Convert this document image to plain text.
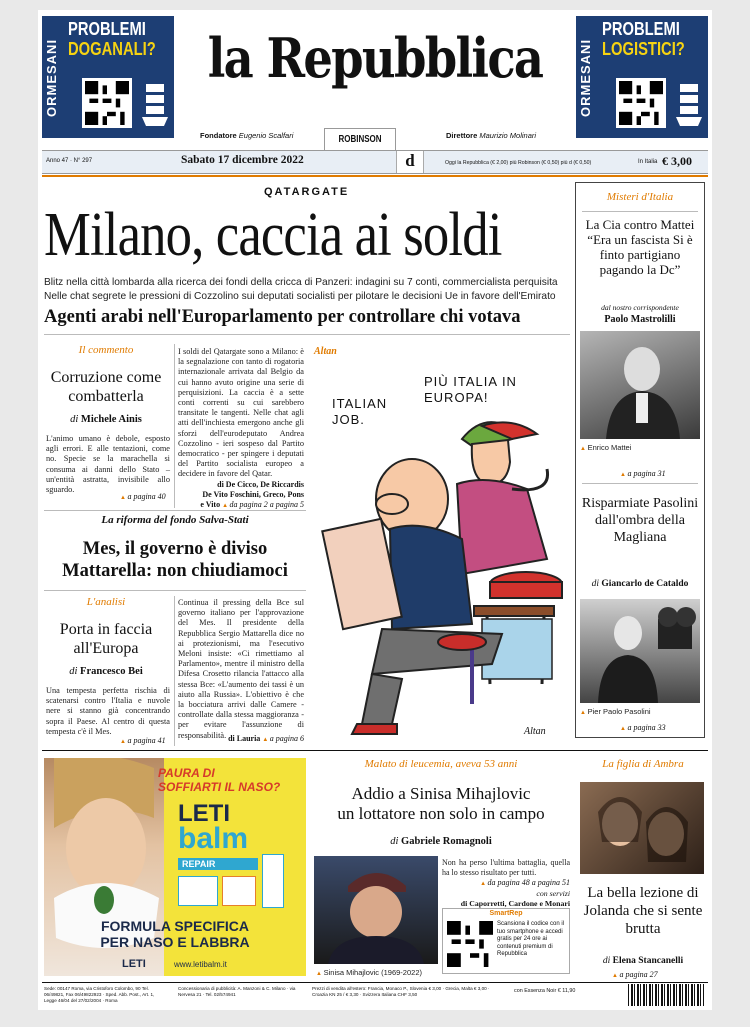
ORMESANI
PROBLEMI
DOGANALI? la Repubblica	ORMESANI
PROBLEMI
LOGISTICI?
Fondatore Eugenio Scalfari	ROBINSON	Direttore Maurizio Molinari
Anno 47 · N° 297	Sabato 17 dicembre 2022	d	Oggi la Repubblica (€ 2,00) più Robinson (€ 0,50) più d (€ 0,50)	In Italia € 3,00
QATARGATE
Milano, caccia ai soldi
Blitz nella città lombarda alla ricerca dei fondi della cricca di Panzeri: indagini su 7 conti, commercialista perquisita
Nelle chat segrete le pressioni di Cozzolino sui deputati socialisti per pilotare le decisioni Ue in favore dell'Emirato
Agenti arabi nell'Europarlamento per controllare chi votava
Il commento
Corruzione come combatterla
di Michele Ainis
L'animo umano è debole, esposto agli errori. E alle tentazioni, come no. Specie se la marachella si consuma ai danni dello Stato – un'entità astratta, invisibile allo sguardo.
▲ a pagina 40
I soldi del Qatargate sono a Milano: è la segnalazione con tanto di rogatoria internazionale arrivata dal Belgio da cui hanno avuto origine una serie di perquisizioni. La caccia è a sette conti correnti su cui sarebbero transitate le tangenti. Nelle chat agli atti dell'inchiesta emergono anche gli sforzi dell'eurodeputato Andrea Cozzolino - ieri sospeso dal Partito democratico - per spingere i deputati del Partito socialista europeo a decidere in favore del Qatar.
di De Cicco, De Riccardis
De Vito Foschini, Greco, Pons
e Vito ▲ da pagina 2 a pagina 5
Altan
ITALIAN JOB.
PIÙ ITALIA IN EUROPA!
Altan
La riforma del fondo Salva-Stati
Mes, il governo è diviso
Mattarella: non chiudiamoci
L'analisi
Porta in faccia all'Europa
di Francesco Bei
Una tempesta perfetta rischia di scatenarsi contro l'Italia e nuvole nere si stanno già concentrando sopra il Paese. Al centro di questa tempesta c'è il Mes.
▲ a pagina 41
Continua il pressing della Bce sul governo italiano per l'approvazione del Mes. Il presidente della Repubblica Sergio Mattarella dice no ai protezionismi, ma l'esecutivo Meloni insiste: «Ci rimettiamo al Parlamento», mentre il ministro della Difesa Crosetto rilancia l'attacco alla stessa Bce: «L'aumento dei tassi è un aiuto alla Russia». L'obiettivo è che la bocciatura arrivi dalle Camere - controllate dalla stessa maggioranza - per evitare l'assunzione di responsabilità. di Lauria ▲ a pagina 6
Misteri d'Italia
La Cia contro Mattei “Era un fascista Si è finto partigiano pagando la Dc”
dal nostro corrispondente
Paolo Mastrolilli
▲ Enrico Mattei
▲ a pagina 31
Risparmiate Pasolini dall'ombra della Magliana
di Giancarlo de Cataldo
▲ Pier Paolo Pasolini
▲ a pagina 33
PAURA DI
SOFFIARTI IL NASO?
LETI
balm
REPAIR
FORMULA SPECIFICA
PER NASO E LABBRA
LETI	www.letibalm.it
Malato di leucemia, aveva 53 anni
Addio a Sinisa Mihajlovic
un lottatore non solo in campo
di Gabriele Romagnoli
▲ Sinisa Mihajlovic (1969-2022)
Non ha perso l'ultima battaglia, quella ha lo stesso risultato per tutti.
▲ da pagina 48 a pagina 51
con servizi
di Caporretti, Cardone e Monari
SmartRep
Scansiona il codice con il tuo smartphone e accedi gratis per 24 ore ai contenuti premium di Repubblica
La figlia di Ambra
La bella lezione di Jolanda che si sente brutta
di Elena Stancanelli
▲ a pagina 27
Sede: 00147 Roma, via Cristoforo Colombo, 90 Tel. 06/49821, Fax 06/49822923 · Sped. Abb. Post., Art. 1, Legge 46/04 del 27/02/2004 · Roma
Concessionaria di pubblicità: A. Manzoni & C. Milano · via Nervesa 21 · Tel. 02/574941
Prezzi di vendita all'estero: Francia, Monaco P., Slovenia € 3,00 · Grecia, Malta € 3,00 · Croazia KN 25 / € 3,30 · Svizzera Italiana CHF 3,50
con Essenza Noir € 11,90
